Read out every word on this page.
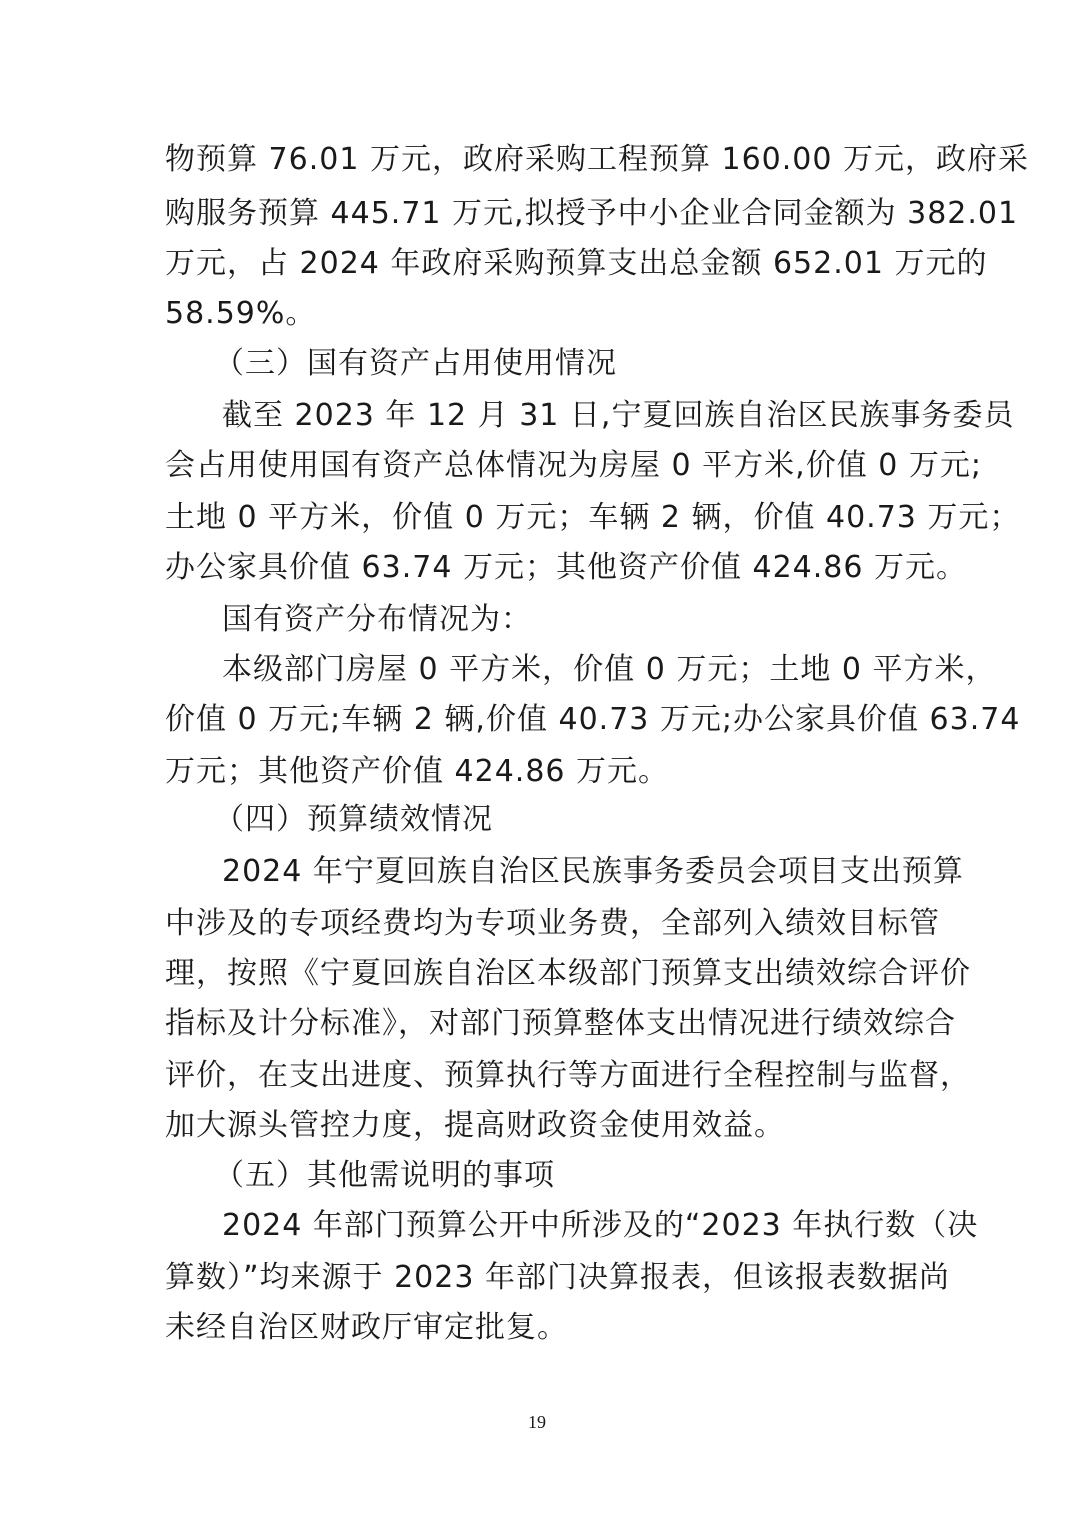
物预算 76.01 万元，政府采购工程预算 160.00 万元，政府采
购服务预算 445.71 万元,拟授予中小企业合同金额为 382.01
万元，占 2024 年政府采购预算支出总金额 652.01 万元的
58.59%。
（三）国有资产占用使用情况
截至 2023 年 12 月 31 日,宁夏回族自治区民族事务委员
会占用使用国有资产总体情况为房屋 0 平方米,价值 0 万元;
土地 0 平方米，价值 0 万元；车辆 2 辆，价值 40.73 万元；
办公家具价值 63.74 万元；其他资产价值 424.86 万元。
国有资产分布情况为：
本级部门房屋 0 平方米，价值 0 万元；土地 0 平方米，
价值 0 万元;车辆 2 辆,价值 40.73 万元;办公家具价值 63.74
万元；其他资产价值 424.86 万元。
（四）预算绩效情况
2024 年宁夏回族自治区民族事务委员会项目支出预算
中涉及的专项经费均为专项业务费，全部列入绩效目标管
理，按照《宁夏回族自治区本级部门预算支出绩效综合评价
指标及计分标准》，对部门预算整体支出情况进行绩效综合
评价，在支出进度、预算执行等方面进行全程控制与监督，
加大源头管控力度，提高财政资金使用效益。
（五）其他需说明的事项
2024 年部门预算公开中所涉及的“2023 年执行数（决
算数）”均来源于 2023 年部门决算报表，但该报表数据尚
未经自治区财政厅审定批复。
19
